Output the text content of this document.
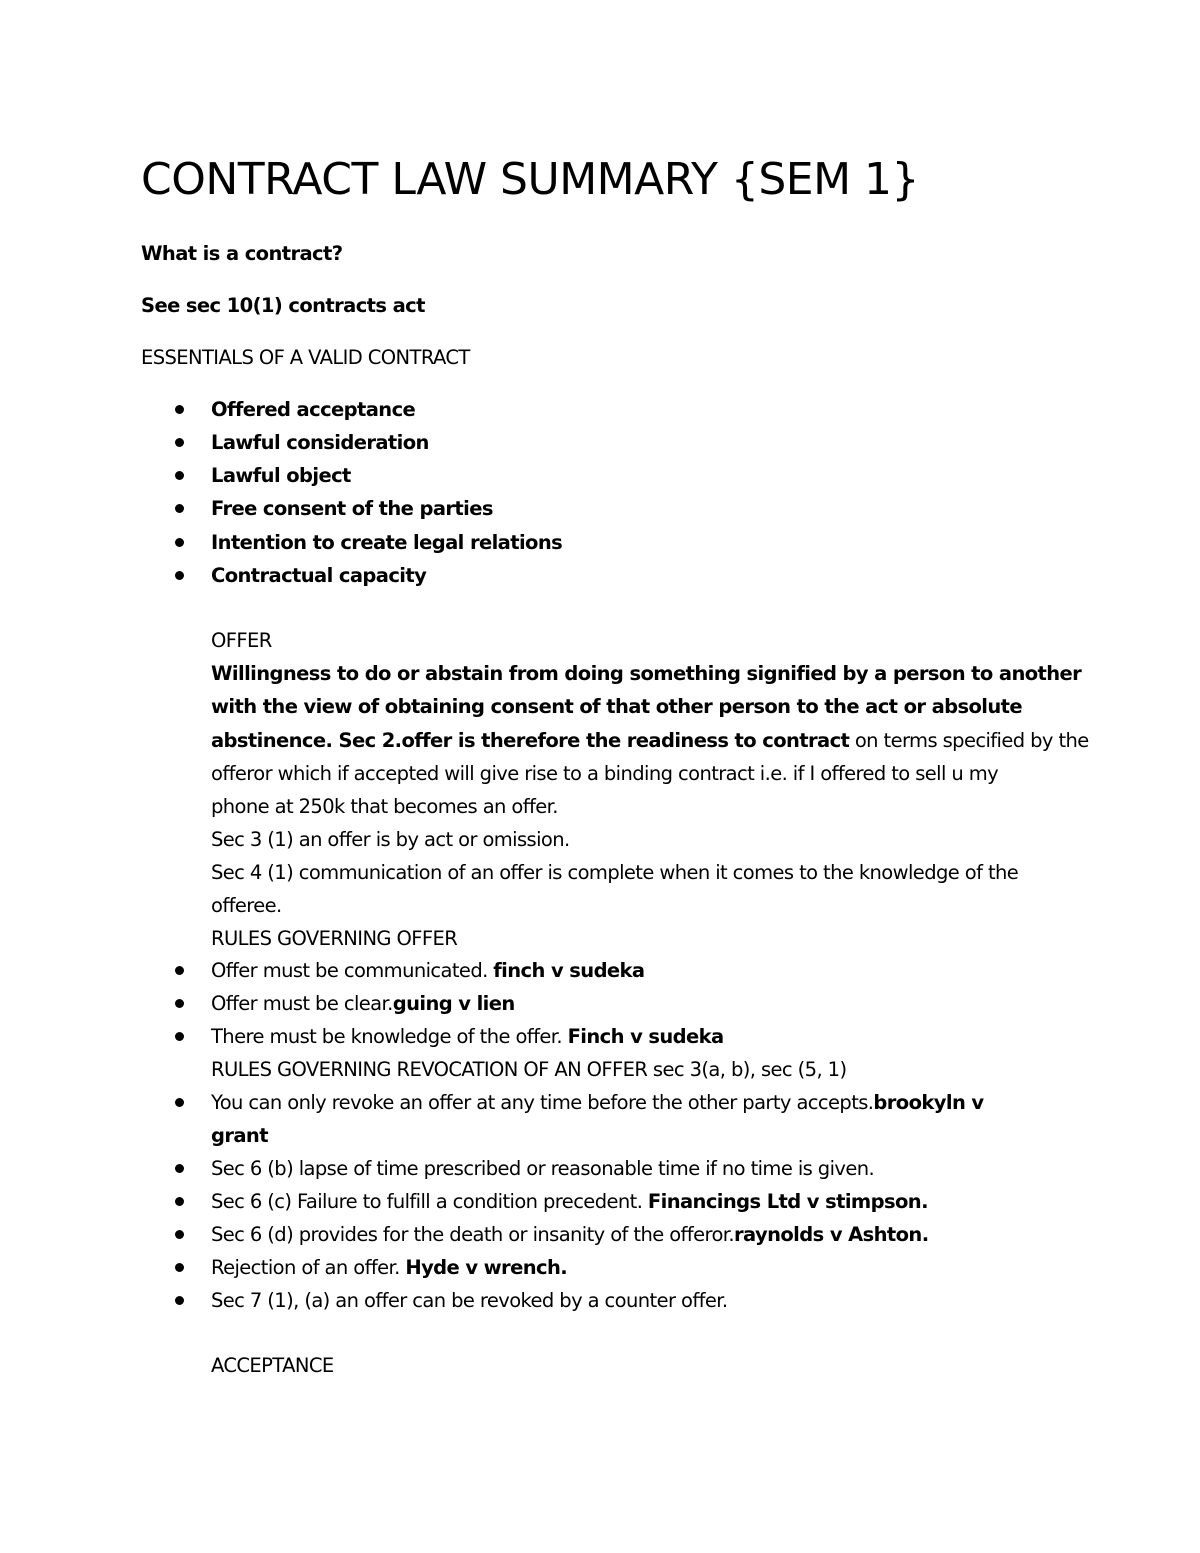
CONTRACT LAW SUMMARY {SEM 1}
What is a contract?
See sec 10(1) contracts act
ESSENTIALS OF A VALID CONTRACT
Offered acceptance
Lawful consideration
Lawful object
Free consent of the parties
Intention to create legal relations
Contractual capacity
OFFER
Willingness to do or abstain from doing something signified by a person to another
with the view of obtaining consent of that other person to the act or absolute
abstinence. Sec 2.offer is therefore the readiness to contract on terms specified by the
offeror which if accepted will give rise to a binding contract i.e. if I offered to sell u my
phone at 250k that becomes an offer.
Sec 3 (1) an offer is by act or omission.
Sec 4 (1) communication of an offer is complete when it comes to the knowledge of the
offeree.
RULES GOVERNING OFFER
Offer must be communicated. finch v sudeka
Offer must be clear.guing v lien
There must be knowledge of the offer. Finch v sudeka
RULES GOVERNING REVOCATION OF AN OFFER sec 3(a, b), sec (5, 1)
You can only revoke an offer at any time before the other party accepts.brookyln v
grant
Sec 6 (b) lapse of time prescribed or reasonable time if no time is given.
Sec 6 (c) Failure to fulfill a condition precedent. Financings Ltd v stimpson.
Sec 6 (d) provides for the death or insanity of the offeror.raynolds v Ashton.
Rejection of an offer. Hyde v wrench.
Sec 7 (1), (a) an offer can be revoked by a counter offer.
ACCEPTANCE
